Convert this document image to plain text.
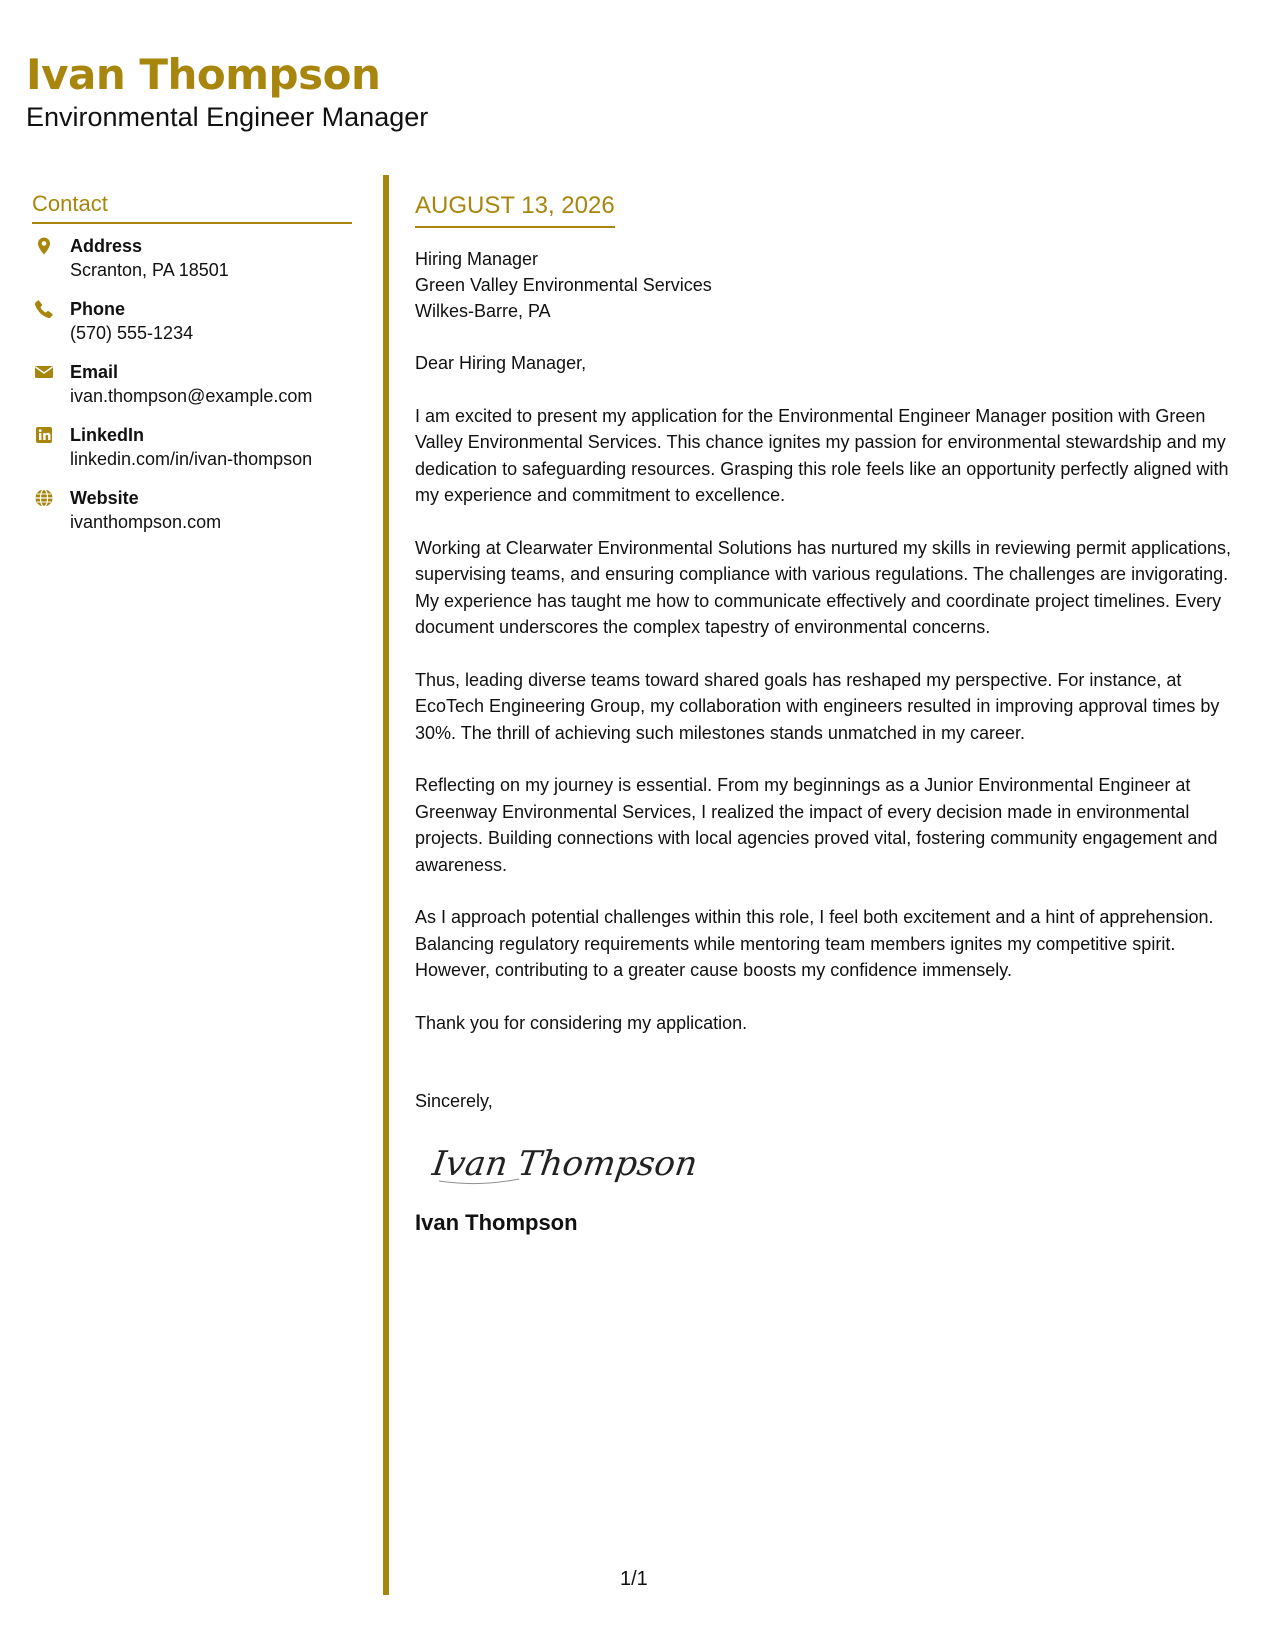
Ivan Thompson
Environmental Engineer Manager
Contact
Address
Scranton, PA 18501
Phone
(570) 555-1234
Email
ivan.thompson@example.com
LinkedIn
linkedin.com/in/ivan-thompson
Website
ivanthompson.com
AUGUST 13, 2026
Hiring Manager
Green Valley Environmental Services
Wilkes-Barre, PA
Dear Hiring Manager,

I am excited to present my application for the Environmental Engineer Manager position with Green Valley Environmental Services. This chance ignites my passion for environmental stewardship and my dedication to safeguarding resources. Grasping this role feels like an opportunity perfectly aligned with my experience and commitment to excellence.

Working at Clearwater Environmental Solutions has nurtured my skills in reviewing permit applications, supervising teams, and ensuring compliance with various regulations. The challenges are invigorating. My experience has taught me how to communicate effectively and coordinate project timelines. Every document underscores the complex tapestry of environmental concerns.

Thus, leading diverse teams toward shared goals has reshaped my perspective. For instance, at EcoTech Engineering Group, my collaboration with engineers resulted in improving approval times by 30%. The thrill of achieving such milestones stands unmatched in my career.

Reflecting on my journey is essential. From my beginnings as a Junior Environmental Engineer at Greenway Environmental Services, I realized the impact of every decision made in environmental projects. Building connections with local agencies proved vital, fostering community engagement and awareness.

As I approach potential challenges within this role, I feel both excitement and a hint of apprehension. Balancing regulatory requirements while mentoring team members ignites my competitive spirit. However, contributing to a greater cause boosts my confidence immensely.

Thank you for considering my application.
Sincerely,
Ivan Thompson
Ivan Thompson
1/1
